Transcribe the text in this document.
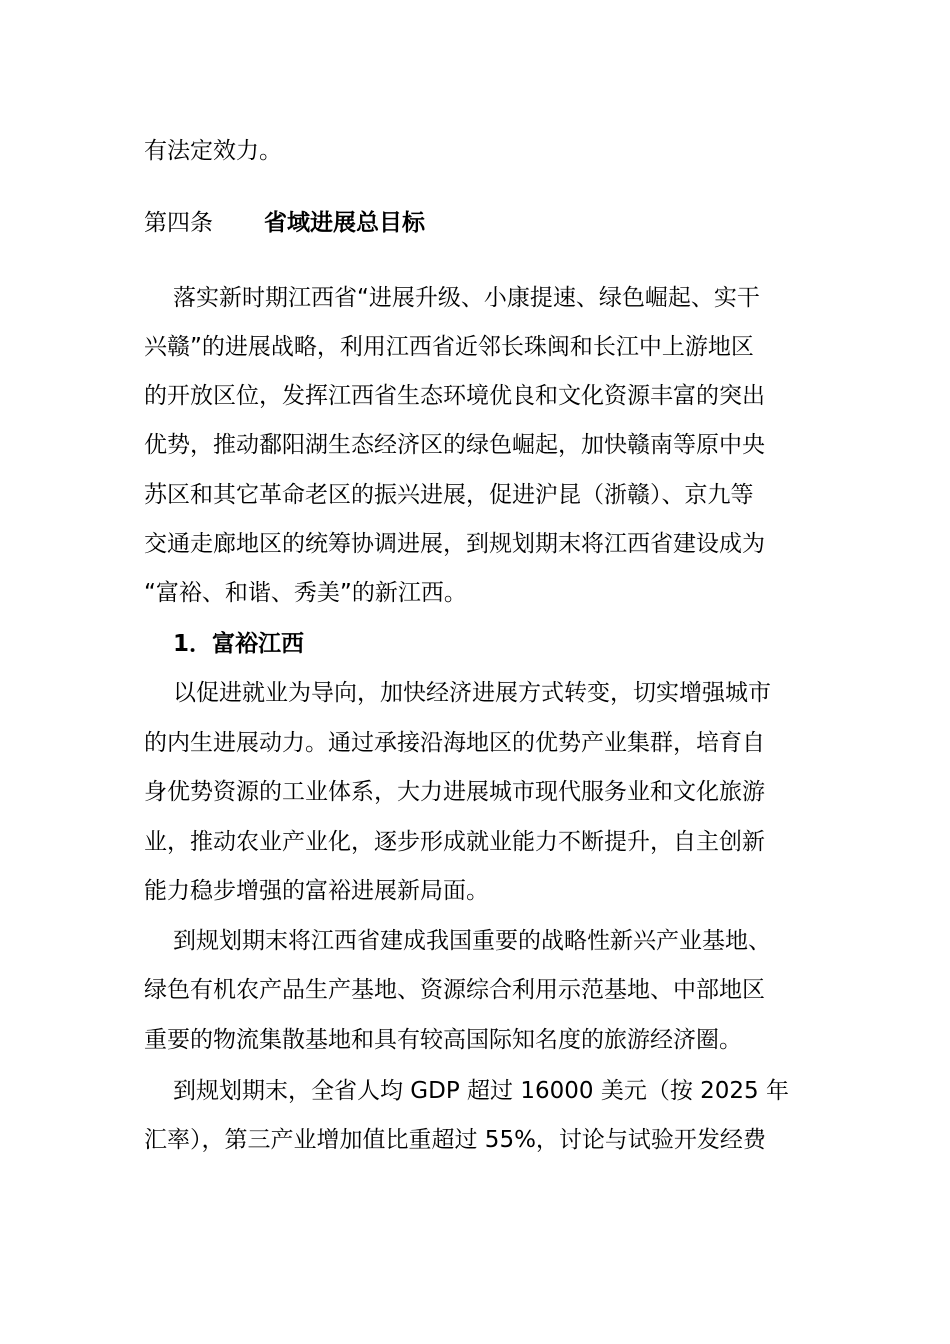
有法定效力。
第四条 省域进展总目标
落实新时期江西省“进展升级、小康提速、绿色崛起、实干
兴赣”的进展战略，利用江西省近邻长珠闽和长江中上游地区
的开放区位，发挥江西省生态环境优良和文化资源丰富的突出
优势，推动鄱阳湖生态经济区的绿色崛起，加快赣南等原中央
苏区和其它革命老区的振兴进展，促进沪昆（浙赣）、京九等
交通走廊地区的统筹协调进展，到规划期末将江西省建设成为
“富裕、和谐、秀美”的新江西。
1．富裕江西
以促进就业为导向，加快经济进展方式转变，切实增强城市
的内生进展动力。通过承接沿海地区的优势产业集群，培育自
身优势资源的工业体系，大力进展城市现代服务业和文化旅游
业，推动农业产业化，逐步形成就业能力不断提升，自主创新
能力稳步增强的富裕进展新局面。
到规划期末将江西省建成我国重要的战略性新兴产业基地、
绿色有机农产品生产基地、资源综合利用示范基地、中部地区
重要的物流集散基地和具有较高国际知名度的旅游经济圈。
到规划期末，全省人均 GDP 超过 16000 美元（按 2025 年
汇率），第三产业增加值比重超过 55%，讨论与试验开发经费
